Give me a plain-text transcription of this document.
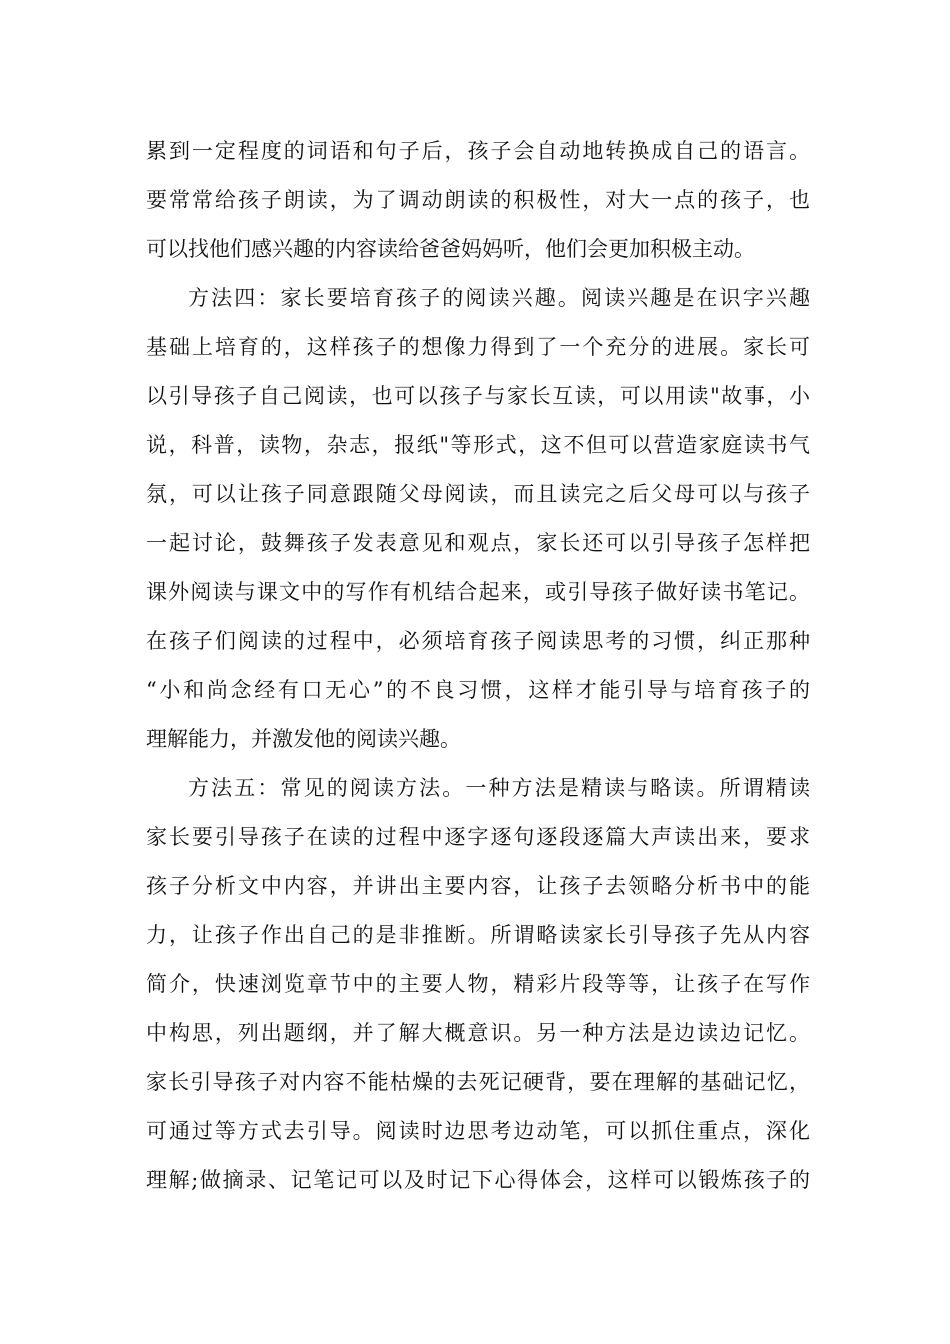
累到一定程度的词语和句子后，孩子会自动地转换成自己的语言。
要常常给孩子朗读，为了调动朗读的积极性，对大一点的孩子，也
可以找他们感兴趣的内容读给爸爸妈妈听，他们会更加积极主动。
方法四：家长要培育孩子的阅读兴趣。阅读兴趣是在识字兴趣
基础上培育的，这样孩子的想像力得到了一个充分的进展。家长可
以引导孩子自己阅读，也可以孩子与家长互读，可以用读"故事，小
说，科普，读物，杂志，报纸"等形式，这不但可以营造家庭读书气
氛，可以让孩子同意跟随父母阅读，而且读完之后父母可以与孩子
一起讨论，鼓舞孩子发表意见和观点，家长还可以引导孩子怎样把
课外阅读与课文中的写作有机结合起来，或引导孩子做好读书笔记。
在孩子们阅读的过程中，必须培育孩子阅读思考的习惯，纠正那种
“小和尚念经有口无心”的不良习惯，这样才能引导与培育孩子的
理解能力，并激发他的阅读兴趣。
方法五：常见的阅读方法。一种方法是精读与略读。所谓精读
家长要引导孩子在读的过程中逐字逐句逐段逐篇大声读出来，要求
孩子分析文中内容，并讲出主要内容，让孩子去领略分析书中的能
力，让孩子作出自己的是非推断。所谓略读家长引导孩子先从内容
简介，快速浏览章节中的主要人物，精彩片段等等，让孩子在写作
中构思，列出题纲，并了解大概意识。另一种方法是边读边记忆。
家长引导孩子对内容不能枯燥的去死记硬背，要在理解的基础记忆，
可通过等方式去引导。阅读时边思考边动笔，可以抓住重点，深化
理解;做摘录、记笔记可以及时记下心得体会，这样可以锻炼孩子的
